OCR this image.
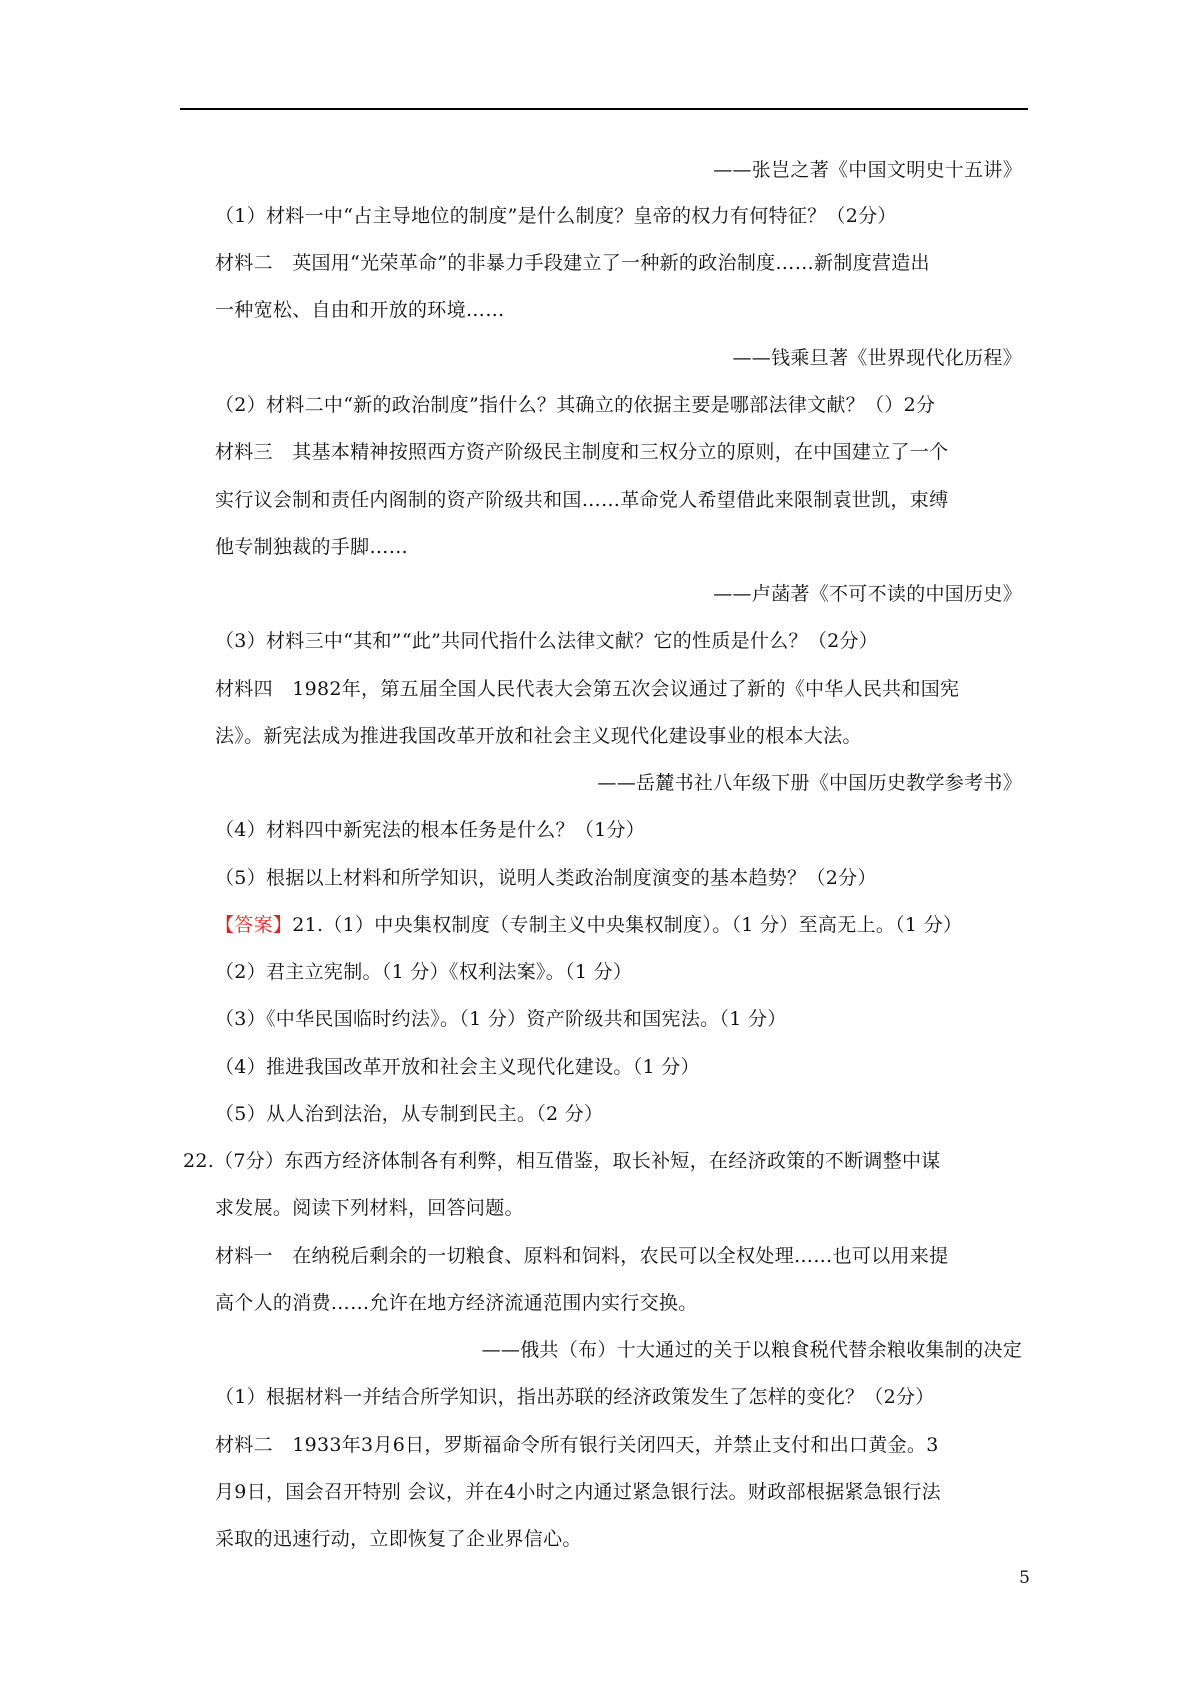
——张岂之著《中国文明史十五讲》
（1）材料一中“占主导地位的制度”是什么制度？皇帝的权力有何特征？（2分）
材料二　英国用“光荣革命”的非暴力手段建立了一种新的政治制度……新制度营造出
一种宽松、自由和开放的环境……
——钱乘旦著《世界现代化历程》
（2）材料二中“新的政治制度”指什么？其确立的依据主要是哪部法律文献？（）2分
材料三　其基本精神按照西方资产阶级民主制度和三权分立的原则，在中国建立了一个
实行议会制和责任内阁制的资产阶级共和国……革命党人希望借此来限制袁世凯，束缚
他专制独裁的手脚……
——卢菡著《不可不读的中国历史》
（3）材料三中“其和”“此”共同代指什么法律文献？它的性质是什么？（2分）
材料四　1982年，第五届全国人民代表大会第五次会议通过了新的《中华人民共和国宪
法》。新宪法成为推进我国改革开放和社会主义现代化建设事业的根本大法。
——岳麓书社八年级下册《中国历史教学参考书》
（4）材料四中新宪法的根本任务是什么？（1分）
（5）根据以上材料和所学知识，说明人类政治制度演变的基本趋势？（2分）
【答案】21.（1）中央集权制度（专制主义中央集权制度）。（1 分）至高无上。（1 分）
（2）君主立宪制。（1 分）《权利法案》。（1 分）
（3）《中华民国临时约法》。（1 分）资产阶级共和国宪法。（1 分）
（4）推进我国改革开放和社会主义现代化建设。（1 分）
（5）从人治到法治，从专制到民主。（2 分）
22.（7分）东西方经济体制各有利弊，相互借鉴，取长补短，在经济政策的不断调整中谋
求发展。阅读下列材料，回答问题。
材料一　在纳税后剩余的一切粮食、原料和饲料，农民可以全权处理……也可以用来提
高个人的消费……允许在地方经济流通范围内实行交换。
——俄共（布）十大通过的关于以粮食税代替余粮收集制的决定
（1）根据材料一并结合所学知识，指出苏联的经济政策发生了怎样的变化？（2分）
材料二　1933年3月6日，罗斯福命令所有银行关闭四天，并禁止支付和出口黄金。3
月9日，国会召开特别 会议，并在4小时之内通过紧急银行法。财政部根据紧急银行法
采取的迅速行动，立即恢复了企业界信心。
5
